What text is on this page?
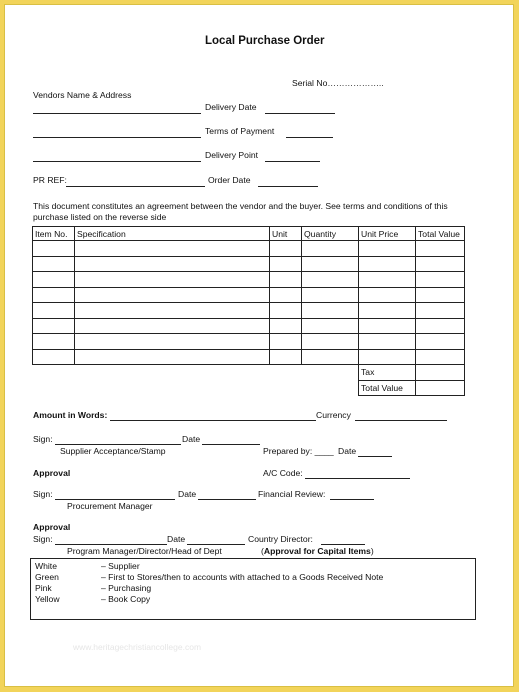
Local Purchase Order
Serial No………………..
Vendors Name & Address
Delivery Date
Terms of Payment
Delivery Point
PR REF:	Order Date
This document constitutes an agreement between the vendor and the buyer. See terms and conditions of this
purchase listed on the reverse side
Item No.	Specification	Unit	Quantity	Unit Price	Total Value

				Tax	
				Total Value	
Amount in Words:	Currency
Sign:	Date
Supplier Acceptance/Stamp	Prepared by: ____ Date
Approval	A/C Code:
Sign:	Date	Financial Review:
Procurement Manager
Approval
Sign:	Date	Country Director:
Program Manager/Director/Head of Dept	(Approval for Capital Items)
White	– Supplier
Green	– First to Stores/then to accounts with attached to a Goods Received Note
Pink	– Purchasing
Yellow	– Book Copy
www.heritagechristiancollege.com
